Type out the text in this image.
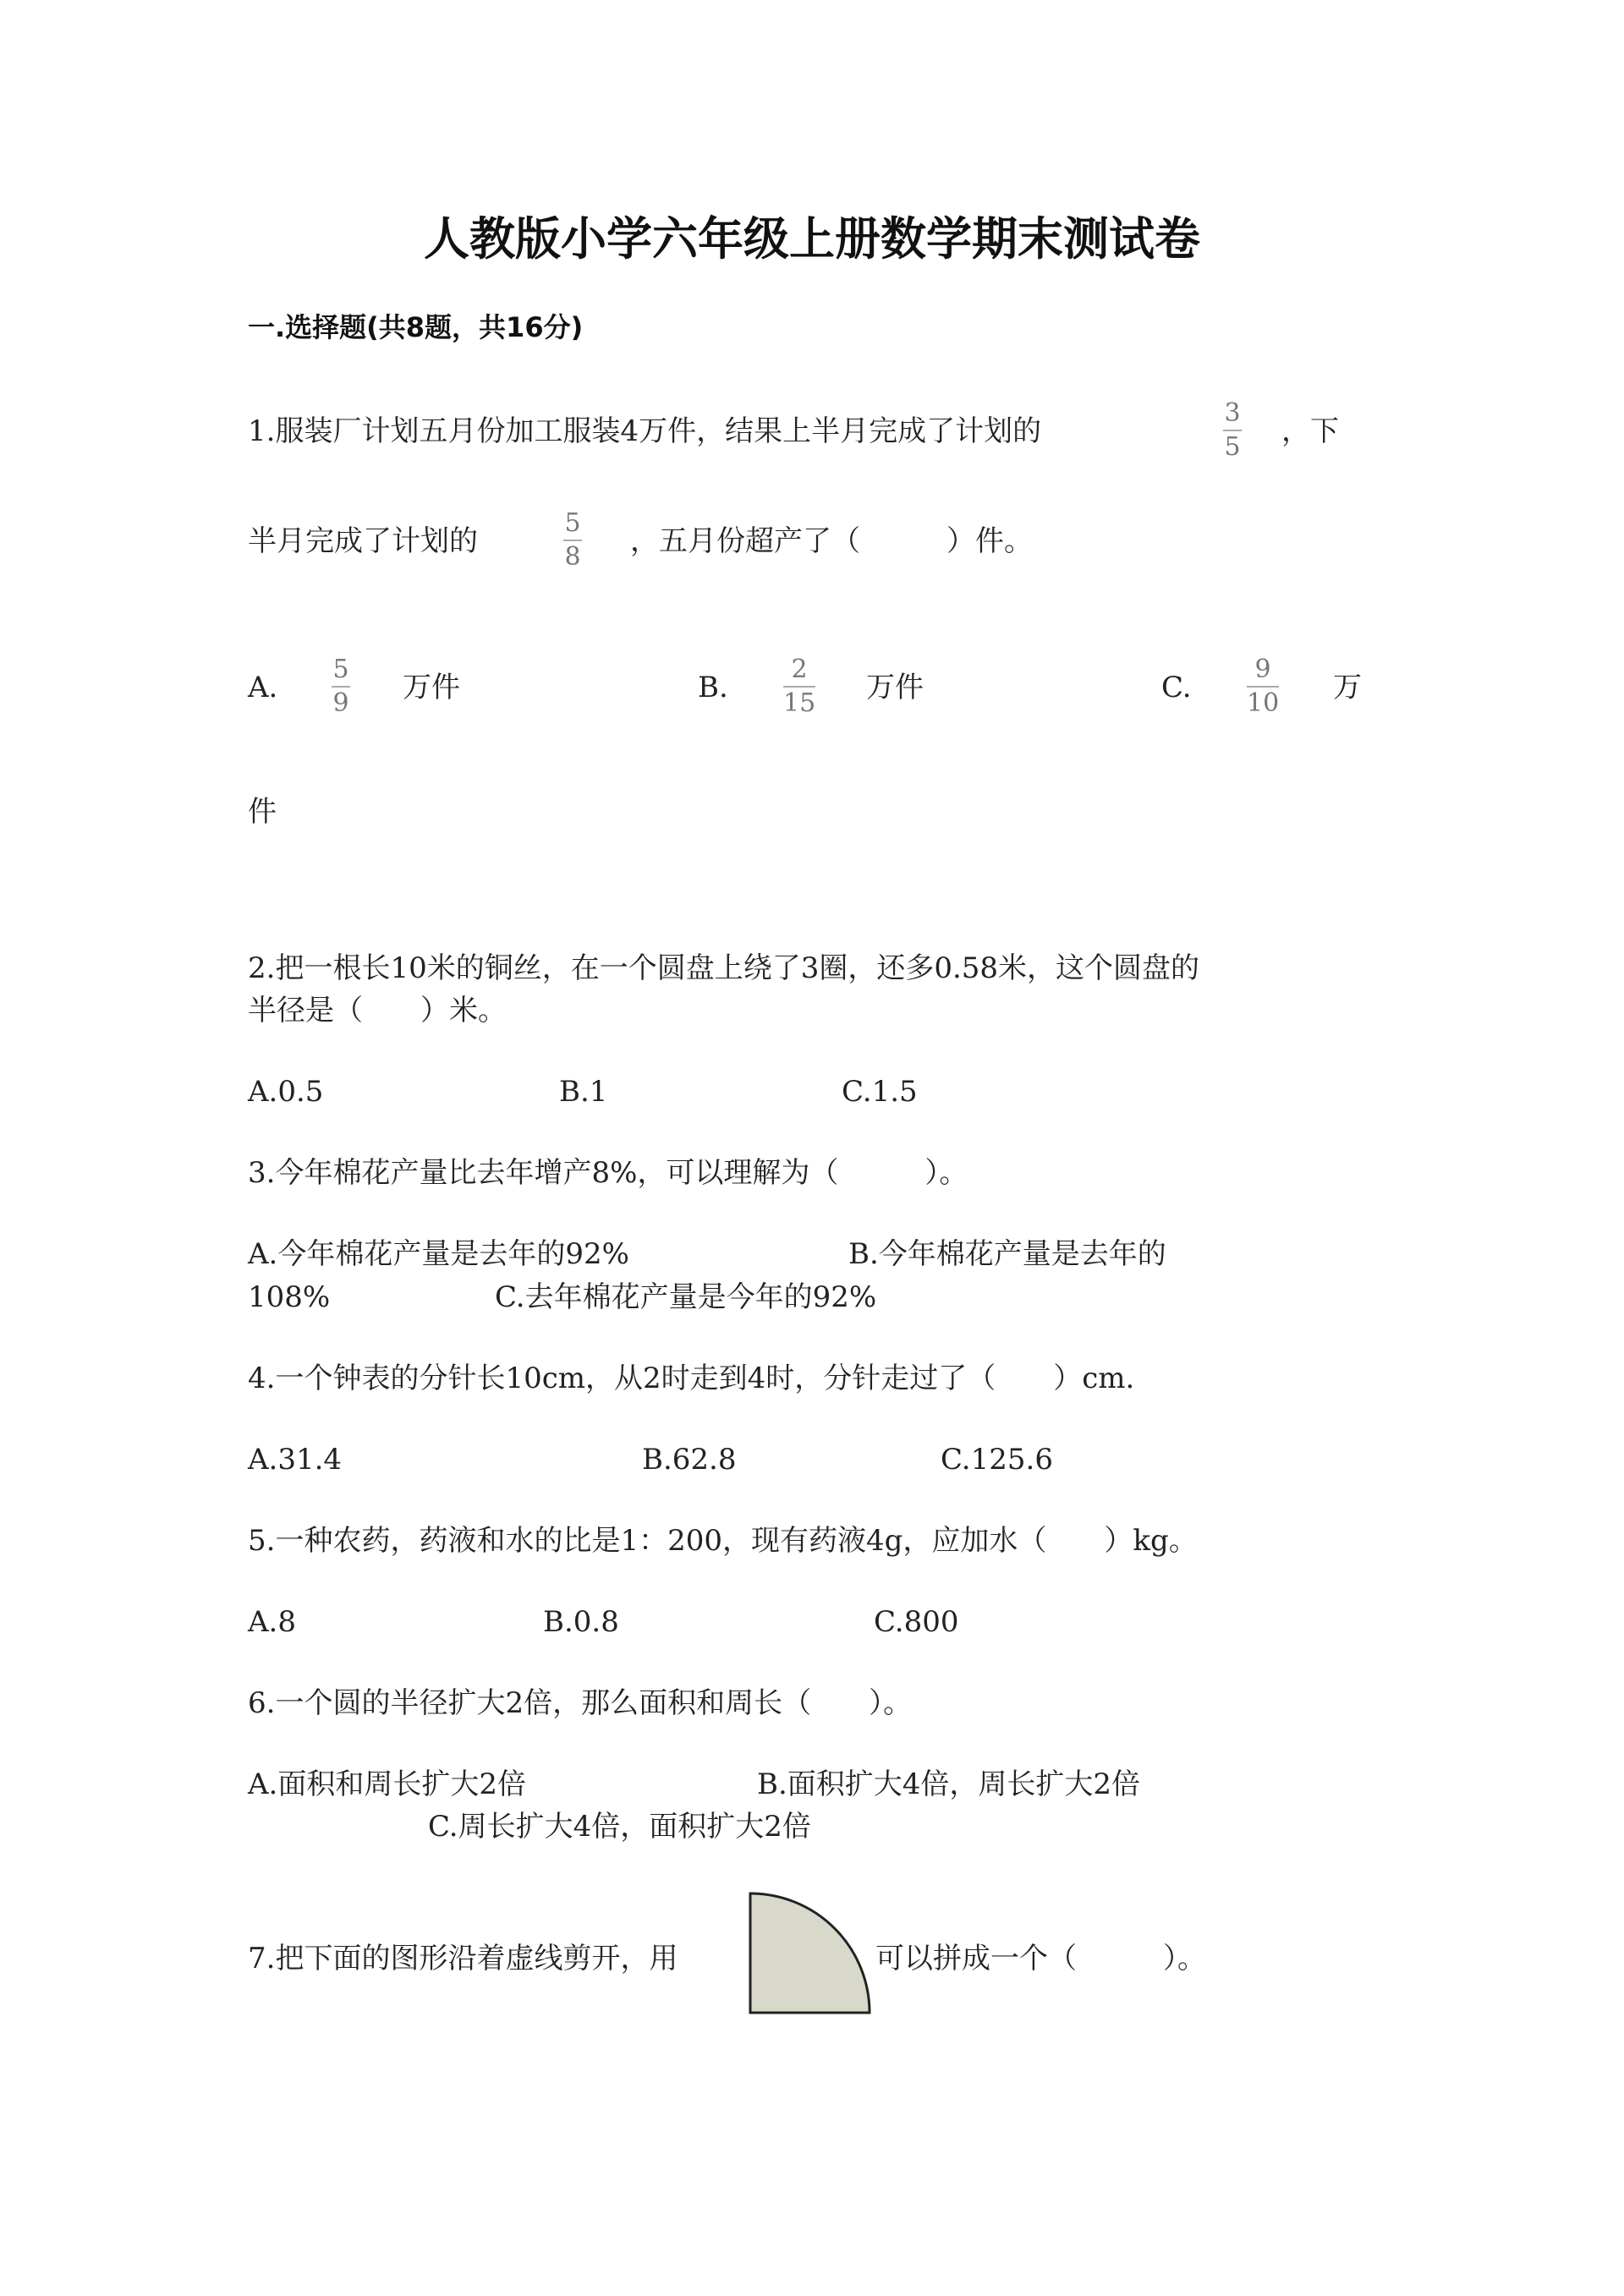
人教版小学六年级上册数学期末测试卷
一.选择题(共8题，共16分)
1.服装厂计划五月份加工服装4万件，结果上半月完成了计划的
3
5 ，下
半月完成了计划的
5
8 ，五月份超产了（　　　）件。
A.
5
9 万件	B.
2
15 万件	C.
9
10 万
件
2.把一根长10米的铜丝，在一个圆盘上绕了3圈，还多0.58米，这个圆盘的
半径是（　　）米。
A.0.5	B.1	C.1.5
3.今年棉花产量比去年增产8%，可以理解为（　　　）。
A.今年棉花产量是去年的92%	B.今年棉花产量是去年的
108%	C.去年棉花产量是今年的92%
4.一个钟表的分针长10cm，从2时走到4时，分针走过了（　　）cm.
A.31.4	B.62.8	C.125.6
5.一种农药，药液和水的比是1：200，现有药液4g，应加水（　　）kg。
A.8	B.0.8	C.800
6.一个圆的半径扩大2倍，那么面积和周长（　　）。
A.面积和周长扩大2倍	B.面积扩大4倍，周长扩大2倍
C.周长扩大4倍，面积扩大2倍
7.把下面的图形沿着虚线剪开，用	可以拼成一个（　　　）。
